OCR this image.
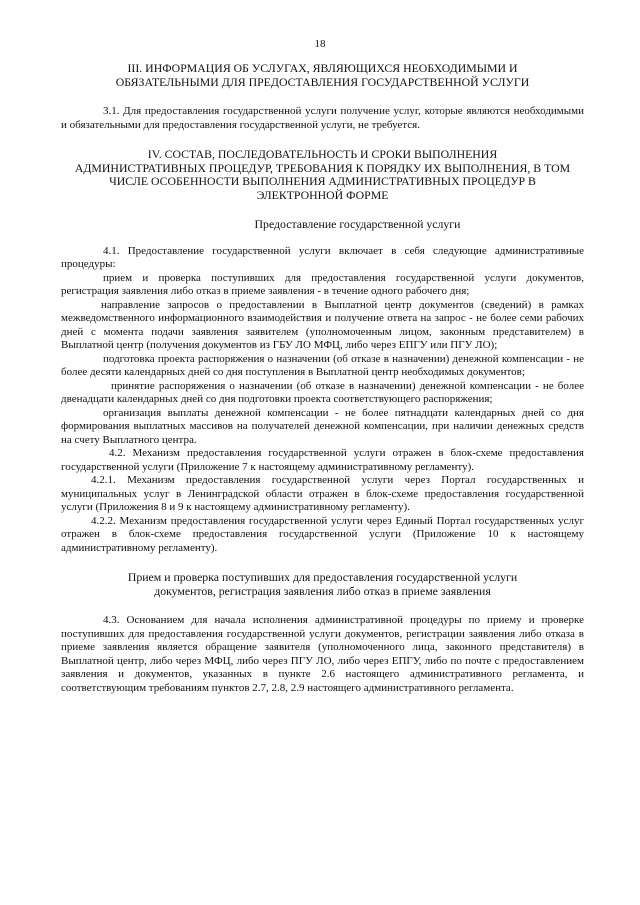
18

III. ИНФОРМАЦИЯ ОБ УСЛУГАХ, ЯВЛЯЮЩИХСЯ НЕОБХОДИМЫМИ И

ОБЯЗАТЕЛЬНЫМИ ДЛЯ ПРЕДОСТАВЛЕНИЯ ГОСУДАРСТВЕННОЙ УСЛУГИ

3.1. Для предоставления государственной услуги получение услуг, которые являются необходимыми и обязательными для предоставления государственной услуги, не требуется.

IV. СОСТАВ, ПОСЛЕДОВАТЕЛЬНОСТЬ И СРОКИ ВЫПОЛНЕНИЯ

АДМИНИСТРАТИВНЫХ ПРОЦЕДУР, ТРЕБОВАНИЯ К ПОРЯДКУ ИХ ВЫПОЛНЕНИЯ, В ТОМ

ЧИСЛЕ ОСОБЕННОСТИ ВЫПОЛНЕНИЯ АДМИНИСТРАТИВНЫХ ПРОЦЕДУР В

ЭЛЕКТРОННОЙ ФОРМЕ

Предоставление государственной услуги

4.1. Предоставление государственной услуги включает в себя следующие административные процедуры:

прием и проверка поступивших для предоставления государственной услуги документов, регистрация заявления либо отказ в приеме заявления - в течение одного рабочего дня;

направление запросов о предоставлении в Выплатной центр документов (сведений) в рамках межведомственного информационного взаимодействия и получение ответа на запрос - не более семи рабочих дней с момента подачи заявления заявителем (уполномоченным лицом, законным представителем) в Выплатной центр (получения документов из ГБУ ЛО МФЦ, либо через ЕПГУ или ПГУ ЛО);

подготовка проекта распоряжения о назначении (об отказе в назначении) денежной компенсации - не более десяти календарных дней со дня поступления в Выплатной центр необходимых документов;

принятие распоряжения о назначении (об отказе в назначении) денежной компенсации - не более двенадцати календарных дней со дня подготовки проекта соответствующего распоряжения;

организация выплаты денежной компенсации - не более пятнадцати календарных дней со дня формирования выплатных массивов на получателей денежной компенсации, при наличии денежных средств на счету Выплатного центра.

4.2. Механизм предоставления государственной услуги отражен в блок-схеме предоставления государственной услуги (Приложение 7 к настоящему административному регламенту).

4.2.1. Механизм предоставления государственной услуги через Портал государственных и муниципальных услуг в Ленинградской области отражен в блок-схеме предоставления государственной услуги (Приложения 8 и 9 к настоящему административному регламенту).

4.2.2. Механизм предоставления государственной услуги через Единый Портал государственных услуг отражен в блок-схеме предоставления государственной услуги (Приложение 10 к настоящему административному регламенту).

Прием и проверка поступивших для предоставления государственной услуги

документов, регистрация заявления либо отказ в приеме заявления

4.3. Основанием для начала исполнения административной процедуры по приему и проверке поступивших для предоставления государственной услуги документов, регистрации заявления либо отказа в приеме заявления является обращение заявителя (уполномоченного лица, законного представителя) в Выплатной центр, либо через МФЦ, либо через ПГУ ЛО, либо через ЕПГУ, либо по почте с предоставлением заявления и документов, указанных в пункте 2.6 настоящего административного регламента, и соответствующим требованиям пунктов 2.7, 2.8, 2.9 настоящего административного регламента.
